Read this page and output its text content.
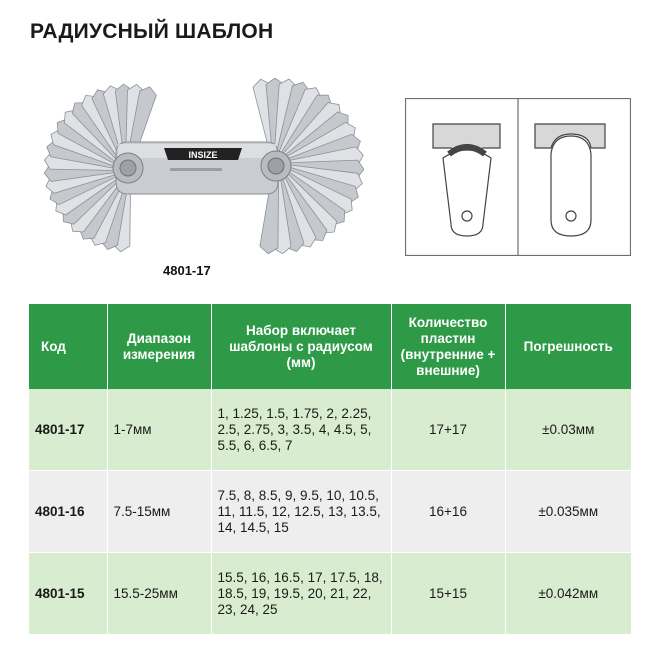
РАДИУСНЫЙ ШАБЛОН
INSIZE
4801-17
Код	Диапазон измерения	Набор включает шаблоны с радиусом (мм)	Количество пластин (внутренние + внешние)	Погрешность
4801-17	1-7мм	1, 1.25, 1.5, 1.75, 2, 2.25, 2.5, 2.75, 3, 3.5, 4, 4.5, 5, 5.5, 6, 6.5, 7	17+17	±0.03мм
4801-16	7.5-15мм	7.5, 8, 8.5, 9, 9.5, 10, 10.5, 11, 11.5, 12, 12.5, 13, 13.5, 14, 14.5, 15	16+16	±0.035мм
4801-15	15.5-25мм	15.5, 16, 16.5, 17, 17.5, 18, 18.5, 19, 19.5, 20, 21, 22, 23, 24, 25	15+15	±0.042мм
